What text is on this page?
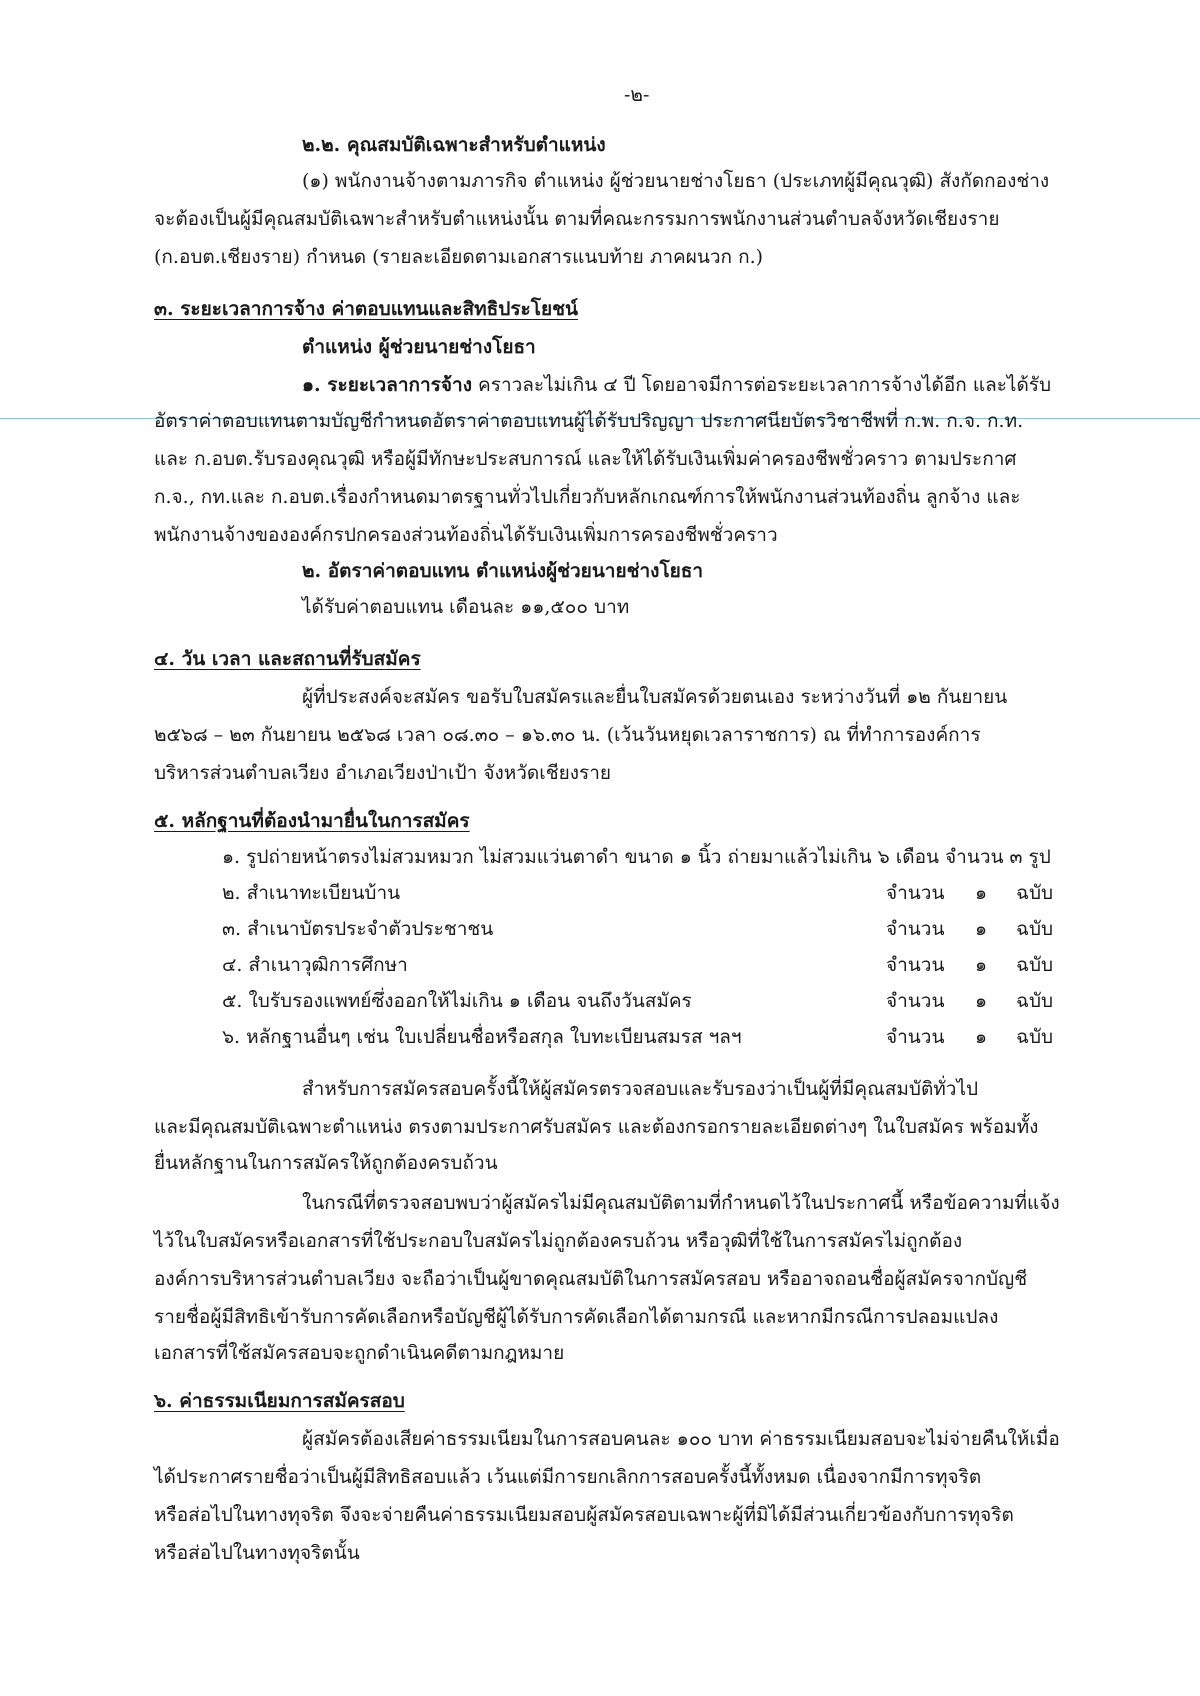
-๒-
๒.๒. คุณสมบัติเฉพาะสำหรับตำแหน่ง
(๑) พนักงานจ้างตามภารกิจ ตำแหน่ง ผู้ช่วยนายช่างโยธา (ประเภทผู้มีคุณวุฒิ) สังกัดกองช่าง
จะต้องเป็นผู้มีคุณสมบัติเฉพาะสำหรับตำแหน่งนั้น ตามที่คณะกรรมการพนักงานส่วนตำบลจังหวัดเชียงราย
(ก.อบต.เชียงราย) กำหนด (รายละเอียดตามเอกสารแนบท้าย ภาคผนวก ก.)
๓. ระยะเวลาการจ้าง ค่าตอบแทนและสิทธิประโยชน์
ตำแหน่ง ผู้ช่วยนายช่างโยธา
๑. ระยะเวลาการจ้าง คราวละไม่เกิน ๔ ปี โดยอาจมีการต่อระยะเวลาการจ้างได้อีก และได้รับ
อัตราค่าตอบแทนตามบัญชีกำหนดอัตราค่าตอบแทนผู้ได้รับปริญญา ประกาศนียบัตรวิชาชีพที่ ก.พ. ก.จ. ก.ท.
และ ก.อบต.รับรองคุณวุฒิ หรือผู้มีทักษะประสบการณ์ และให้ได้รับเงินเพิ่มค่าครองชีพชั่วคราว ตามประกาศ
ก.จ., กท.และ ก.อบต.เรื่องกำหนดมาตรฐานทั่วไปเกี่ยวกับหลักเกณฑ์การให้พนักงานส่วนท้องถิ่น ลูกจ้าง และ
พนักงานจ้างขององค์กรปกครองส่วนท้องถิ่นได้รับเงินเพิ่มการครองชีพชั่วคราว
๒. อัตราค่าตอบแทน ตำแหน่งผู้ช่วยนายช่างโยธา
ได้รับค่าตอบแทน เดือนละ ๑๑,๕๐๐ บาท
๔. วัน เวลา และสถานที่รับสมัคร
ผู้ที่ประสงค์จะสมัคร ขอรับใบสมัครและยื่นใบสมัครด้วยตนเอง ระหว่างวันที่ ๑๒ กันยายน
๒๕๖๘ – ๒๓ กันยายน ๒๕๖๘ เวลา ๐๘.๓๐ – ๑๖.๓๐ น. (เว้นวันหยุดเวลาราชการ) ณ ที่ทำการองค์การ
บริหารส่วนตำบลเวียง อำเภอเวียงป่าเป้า จังหวัดเชียงราย
๕. หลักฐานที่ต้องนำมายื่นในการสมัคร
๑. รูปถ่ายหน้าตรงไม่สวมหมวก ไม่สวมแว่นตาดำ ขนาด ๑ นิ้ว ถ่ายมาแล้วไม่เกิน ๖ เดือน จำนวน ๓ รูป
๒. สำเนาทะเบียนบ้าน	จำนวน ๑ ฉบับ
๓. สำเนาบัตรประจำตัวประชาชน	จำนวน ๑ ฉบับ
๔. สำเนาวุฒิการศึกษา	จำนวน ๑ ฉบับ
๕. ใบรับรองแพทย์ซึ่งออกให้ไม่เกิน ๑ เดือน จนถึงวันสมัคร	จำนวน ๑ ฉบับ
๖. หลักฐานอื่นๆ เช่น ใบเปลี่ยนชื่อหรือสกุล ใบทะเบียนสมรส ฯลฯ	จำนวน ๑ ฉบับ
สำหรับการสมัครสอบครั้งนี้ให้ผู้สมัครตรวจสอบและรับรองว่าเป็นผู้ที่มีคุณสมบัติทั่วไป
และมีคุณสมบัติเฉพาะตำแหน่ง ตรงตามประกาศรับสมัคร และต้องกรอกรายละเอียดต่างๆ ในใบสมัคร พร้อมทั้ง
ยื่นหลักฐานในการสมัครให้ถูกต้องครบถ้วน
ในกรณีที่ตรวจสอบพบว่าผู้สมัครไม่มีคุณสมบัติตามที่กำหนดไว้ในประกาศนี้ หรือข้อความที่แจ้ง
ไว้ในใบสมัครหรือเอกสารที่ใช้ประกอบใบสมัครไม่ถูกต้องครบถ้วน หรือวุฒิที่ใช้ในการสมัครไม่ถูกต้อง
องค์การบริหารส่วนตำบลเวียง จะถือว่าเป็นผู้ขาดคุณสมบัติในการสมัครสอบ หรืออาจถอนชื่อผู้สมัครจากบัญชี
รายชื่อผู้มีสิทธิเข้ารับการคัดเลือกหรือบัญชีผู้ได้รับการคัดเลือกได้ตามกรณี และหากมีกรณีการปลอมแปลง
เอกสารที่ใช้สมัครสอบจะถูกดำเนินคดีตามกฎหมาย
๖. ค่าธรรมเนียมการสมัครสอบ
ผู้สมัครต้องเสียค่าธรรมเนียมในการสอบคนละ ๑๐๐ บาท ค่าธรรมเนียมสอบจะไม่จ่ายคืนให้เมื่อ
ได้ประกาศรายชื่อว่าเป็นผู้มีสิทธิสอบแล้ว เว้นแต่มีการยกเลิกการสอบครั้งนี้ทั้งหมด เนื่องจากมีการทุจริต
หรือส่อไปในทางทุจริต จึงจะจ่ายคืนค่าธรรมเนียมสอบผู้สมัครสอบเฉพาะผู้ที่มิได้มีส่วนเกี่ยวข้องกับการทุจริต
หรือส่อไปในทางทุจริตนั้น
